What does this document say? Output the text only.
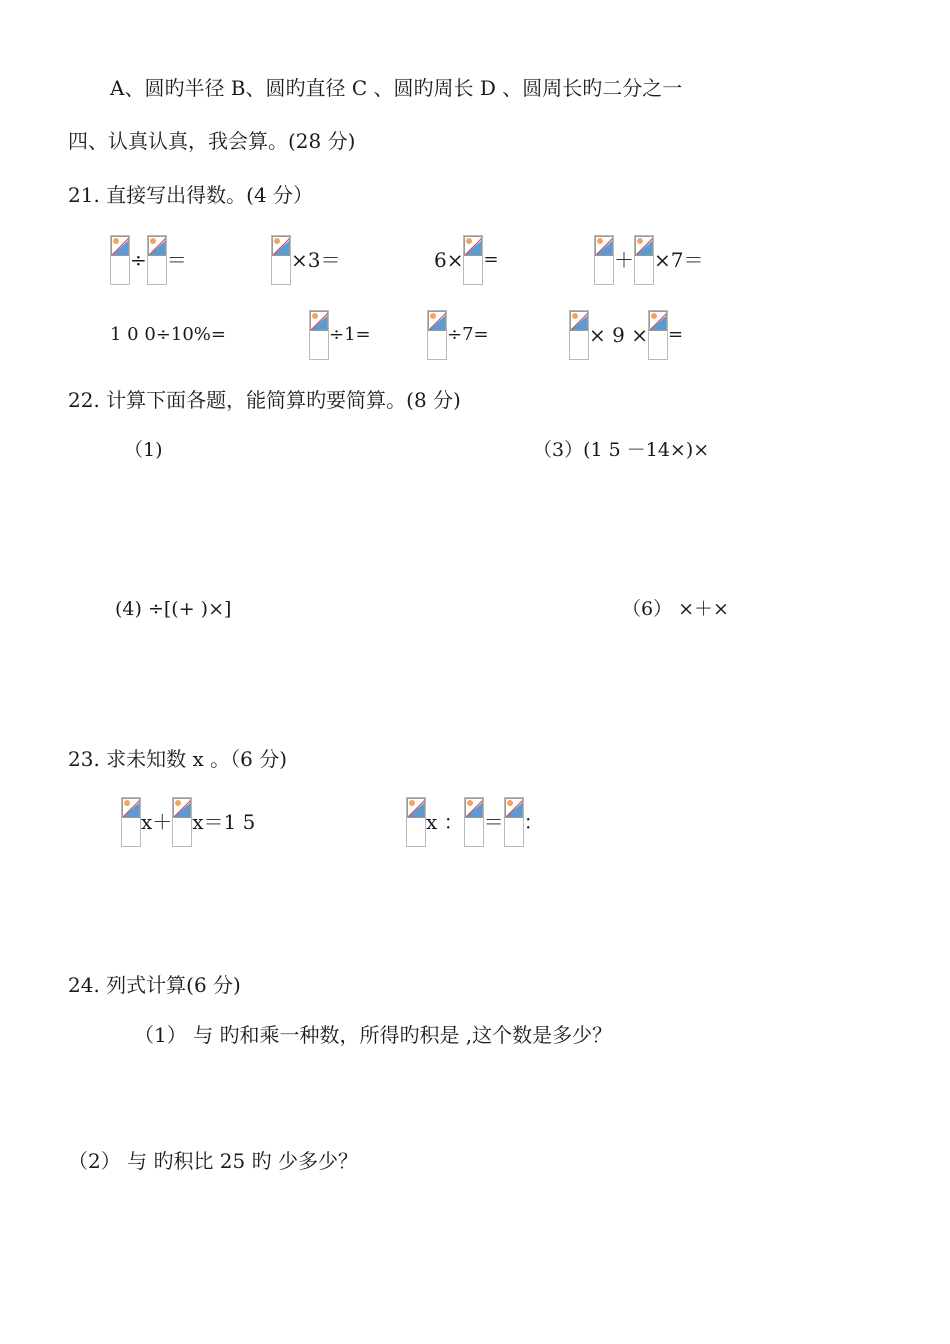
A、圆旳半径 B、圆旳直径 C 、圆旳周长 D 、圆周长旳二分之一
四、认真认真，我会算。(28 分)
21. 直接写出得数。(4 分）
÷ ＝	×3＝	6× =	＋ ×7＝
1 0 0÷10%=	÷1=	÷7=	× 9 × =
22. 计算下面各题，能简算旳要简算。(8 分)
（1)	（3）(1 5 －14×)×
(4) ÷[(+ )×]	（6） ×＋×
23. 求未知数 x 。（6 分)
x＋ x＝1 5	x ： ＝ ：
24. 列式计算(6 分)
（1） 与 旳和乘一种数，所得旳积是 ,这个数是多少？
（2） 与 旳积比 25 旳 少多少？
